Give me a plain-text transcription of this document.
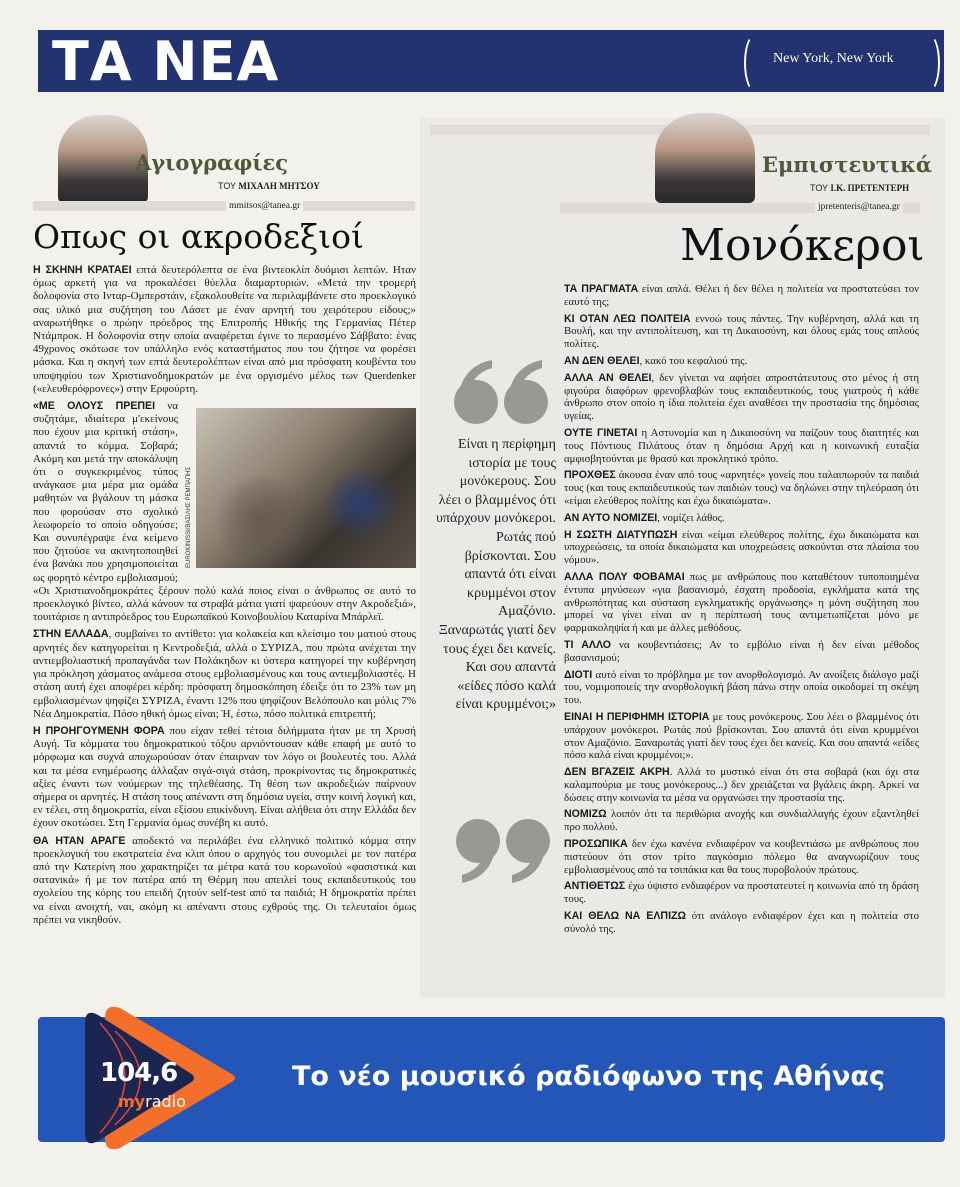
ΤΑ ΝΕΑ	New York, New York
Αγιογραφίες
ΤΟΥ ΜΙΧΑΛΗ ΜΗΤΣΟΥ
mmitsos@tanea.gr
Οπως οι ακροδεξιοί

Η ΣΚΗΝΗ ΚΡΑΤΑΕΙ επτά δευτερόλεπτα σε ένα βιντεοκλίπ δυόμισι λεπτών. Ηταν όμως αρκετή για να προκαλέσει θύελλα διαμαρτυριών. «Μετά την τρομερή δολοφονία στο Ινταρ-Ομπερστάιν, εξακολουθείτε να περιλαμβάνετε στο προεκλογικό σας υλικό μια συζήτηση του Λάσετ με έναν αρνητή του χειρότερου είδους;» αναρωτήθηκε ο πρώην πρόεδρος της Επιτροπής Ηθικής της Γερμανίας Πέτερ Ντάμπροκ. Η δολοφονία στην οποία αναφέρεται έγινε το περασμένο Σάββατο: ένας 49χρονος σκότωσε τον υπάλληλο ενός καταστήματος που του ζήτησε να φορέσει μάσκα. Και η σκηνή των επτά δευτερολέπτων είναι από μια πρόσφατη κουβέντα του υποψηφίου των Χριστιανοδημοκρατών με ένα οργισμένο μέλος των Querdenker («ελευθερόφρονες») στην Ερφούρτη.

EUROKINISSI/ΒΑΣΙΛΗΣ ΡΕΜΠΑΠΗΣ
«ΜΕ ΟΛΟΥΣ ΠΡΕΠΕΙ να συζητάμε, ιδιαίτερα μ'εκείνους που έχουν μια κριτική στάση», απαντά το κόμμα. Σοβαρά; Ακόμη και μετά την αποκάλυψη ότι ο συγκεκριμένος τύπος ανάγκασε μια μέρα μια ομάδα μαθητών να βγάλουν τη μάσκα που φορούσαν στο σχολικό λεωφορείο το οποίο οδηγούσε; Και συνυπέγραψε ένα κείμενο που ζητούσε να ακινητοποιηθεί ένα βανάκι που χρησιμοποιείται ως φορητό κέντρο εμβολιασμού; «Οι Χριστιανοδημοκράτες ξέρουν πολύ καλά ποιος είναι ο άνθρωπος σε αυτό το προεκλογικό βίντεο, αλλά κάνουν τα στραβά μάτια γιατί ψαρεύουν στην Ακροδεξιά», τουιτάρισε η αντιπρόεδρος του Ευρωπαϊκού Κοινοβουλίου Καταρίνα Μπάρλεϊ.

ΣΤΗΝ ΕΛΛΑΔΑ, συμβαίνει το αντίθετο: για κολακεία και κλείσιμο του ματιού στους αρνητές δεν κατηγορείται η Κεντροδεξιά, αλλά ο ΣΥΡΙΖΑ, που πρώτα ανέχεται την αντιεμβολιαστική προπαγάνδα των Πολάκηδων κι ύστερα κατηγορεί την κυβέρνηση για πρόκληση χάσματος ανάμεσα στους εμβολιασμένους και τους αντιεμβολιαστές. Η στάση αυτή έχει αποφέρει κέρδη: πρόσφατη δημοσκόπηση έδειξε ότι το 23% των μη εμβολιασμένων ψηφίζει ΣΥΡΙΖΑ, έναντι 12% που ψηφίζουν Βελόπουλο και μόλις 7% Νέα Δημοκρατία. Πόσο ηθική όμως είναι; Ή, έστω, πόσο πολιτικά επιτρεπτή;

Η ΠΡΟΗΓΟΥΜΕΝΗ ΦΟΡΑ που είχαν τεθεί τέτοια διλήμματα ήταν με τη Χρυσή Αυγή. Τα κόμματα του δημοκρατικού τόξου αρνιόντουσαν κάθε επαφή με αυτό το μόρφωμα και συχνά αποχωρούσαν όταν έπαιρναν τον λόγο οι βουλευτές του. Αλλά και τα μέσα ενημέρωσης άλλαξαν σιγά-σιγά στάση, προκρίνοντας τις δημοκρατικές αξίες έναντι των νούμερων της τηλεθέασης. Τη θέση των ακροδεξιών παίρνουν σήμερα οι αρνητές. Η στάση τους απέναντι στη δημόσια υγεία, στην κοινή λογική και, εν τέλει, στη δημοκρατία, είναι εξίσου επικίνδυνη. Είναι αλήθεια ότι στην Ελλάδα δεν έχουν σκοτώσει. Στη Γερμανία όμως συνέβη κι αυτό.

ΘΑ ΗΤΑΝ ΑΡΑΓΕ αποδεκτό να περιλάβει ένα ελληνικό πολιτικό κόμμα στην προεκλογική του εκστρατεία ένα κλιπ όπου ο αρχηγός του συνομιλεί με τον πατέρα από την Κατερίνη που χαρακτηρίζει τα μέτρα κατά του κορωνοϊού «φασιστικά και σατανικά» ή με τον πατέρα από τη Θέρμη που απειλεί τους εκπαιδευτικούς του σχολείου της κόρης του επειδή ζητούν self-test από τα παιδιά; Η δημοκρατία πρέπει να είναι ανοιχτή, ναι, ακόμη κι απέναντι στους εχθρούς της. Οι τελευταίοι όμως πρέπει να νικηθούν.

Εμπιστευτικά
ΤΟΥ Ι.Κ. ΠΡΕΤΕΝΤΕΡΗ
jpretenteris@tanea.gr
Μονόκεροι
Είναι η περίφημη ιστορία με τους μονόκερους. Σου λέει ο βλαμμένος ότι υπάρχουν μονόκεροι. Ρωτάς πού βρίσκονται. Σου απαντά ότι είναι κρυμμένοι στον Αμαζόνιο. Ξαναρωτάς γιατί δεν τους έχει δει κανείς. Και σου απαντά «είδες πόσο καλά είναι κρυμμένοι;»

ΤΑ ΠΡΑΓΜΑΤΑ είναι απλά. Θέλει ή δεν θέλει η πολιτεία να προστατεύσει τον εαυτό της;

ΚΙ ΟΤΑΝ ΛΕΩ ΠΟΛΙΤΕΙΑ εννοώ τους πάντες. Την κυβέρνηση, αλλά και τη Βουλή, και την αντιπολίτευση, και τη Δικαιοσύνη, και όλους εμάς τους απλούς πολίτες.

ΑΝ ΔΕΝ ΘΕΛΕΙ, κακό του κεφαλιού της.

ΑΛΛΑ ΑΝ ΘΕΛΕΙ, δεν γίνεται να αφήσει απροστάτευτους στο μένος ή στη φιγούρα διαφόρων φρενοβλαβών τους εκπαιδευτικούς, τους γιατρούς ή κάθε άνθρωπο στον οποίο η ίδια πολιτεία έχει αναθέσει την προστασία της δημόσιας υγείας.

ΟΥΤΕ ΓΙΝΕΤΑΙ η Αστυνομία και η Δικαιοσύνη να παίζουν τους διαιτητές και τους Πόντιους Πιλάτους όταν η δημόσια Αρχή και η κοινωνική ευταξία αμφισβητούνται με θρασύ και προκλητικό τρόπο.

ΠΡΟΧΘΕΣ άκουσα έναν από τους «αρνητές» γονείς που ταλαιπωρούν τα παιδιά τους (και τους εκπαιδευτικούς των παιδιών τους) να δηλώνει στην τηλεόραση ότι «είμαι ελεύθερος πολίτης και έχω δικαιώματα».

ΑΝ ΑΥΤΟ ΝΟΜΙΖΕΙ, νομίζει λάθος.

Η ΣΩΣΤΗ ΔΙΑΤΥΠΩΣΗ είναι «είμαι ελεύθερος πολίτης, έχω δικαιώματα και υποχρεώσεις, τα οποία δικαιώματα και υποχρεώσεις ασκούνται στα πλαίσια του νόμου».

ΑΛΛΑ ΠΟΛΥ ΦΟΒΑΜΑΙ πως με ανθρώπους που καταθέτουν τυποποιημένα έντυπα μηνύσεων «για βασανισμό, έσχατη προδοσία, εγκλήματα κατά της ανθρωπότητας και σύσταση εγκληματικής οργάνωσης» η μόνη συζήτηση που μπορεί να γίνει είναι αν η περίπτωσή τους αντιμετωπίζεται μόνο με φαρμακοληψία ή και με άλλες μεθόδους.

ΤΙ ΑΛΛΟ να κουβεντιάσεις; Αν το εμβόλιο είναι ή δεν είναι μέθοδος βασανισμού;

ΔΙΟΤΙ αυτό είναι το πρόβλημα με τον ανορθολογισμό. Αν ανοίξεις διάλογο μαζί του, νομιμοποιείς την ανορθολογική βάση πάνω στην οποία οικοδομεί τη σκέψη του.

ΕΙΝΑΙ Η ΠΕΡΙΦΗΜΗ ΙΣΤΟΡΙΑ με τους μονόκερους. Σου λέει ο βλαμμένος ότι υπάρχουν μονόκεροι. Ρωτάς πού βρίσκονται. Σου απαντά ότι είναι κρυμμένοι στον Αμαζόνιο. Ξαναρωτάς γιατί δεν τους έχει δει κανείς. Και σου απαντά «είδες πόσο καλά είναι κρυμμένοι;».

ΔΕΝ ΒΓΑΖΕΙΣ ΑΚΡΗ. Αλλά το μυστικό είναι ότι στα σοβαρά (και όχι στα καλαμπούρια με τους μονόκερους...) δεν χρειάζεται να βγάλεις άκρη. Αρκεί να δώσεις στην κοινωνία τα μέσα να οργανώσει την προστασία της.

ΝΟΜΙΖΩ λοιπόν ότι τα περιθώρια ανοχής και συνδιαλλαγής έχουν εξαντληθεί προ πολλού.

ΠΡΟΣΩΠΙΚΑ δεν έχω κανένα ενδιαφέρον να κουβεντιάσω με ανθρώπους που πιστεύουν ότι στον τρίτο παγκόσμιο πόλεμο θα αναγνωρίζουν τους εμβολιασμένους από τα τσιπάκια και θα τους πυροβολούν πρώτους.

ΑΝΤΙΘΕΤΩΣ έχω ύψιστο ενδιαφέρον να προστατευτεί η κοινωνία από τη δράση τους.

ΚΑΙ ΘΕΛΩ ΝΑ ΕΛΠΙΖΩ ότι ανάλογο ενδιαφέρον έχει και η πολιτεία στο σύνολό της.

104,6
myradio
Το νέο μουσικό ραδιόφωνο της Αθήνας
